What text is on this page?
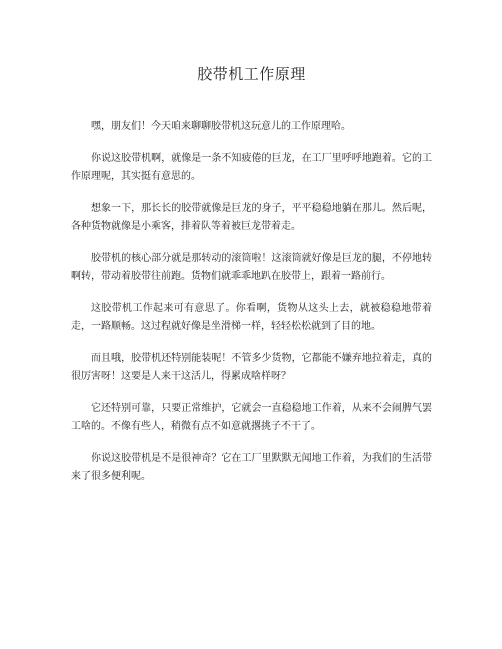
胶带机工作原理

嘿，朋友们！今天咱来聊聊胶带机这玩意儿的工作原理哈。

你说这胶带机啊，就像是一条不知疲倦的巨龙，在工厂里呼呼地跑着。它的工作原理呢，其实挺有意思的。

想象一下，那长长的胶带就像是巨龙的身子，平平稳稳地躺在那儿。然后呢，各种货物就像是小乘客，排着队等着被巨龙带着走。

胶带机的核心部分就是那转动的滚筒啦！这滚筒就好像是巨龙的腿，不停地转啊转，带动着胶带往前跑。货物们就乖乖地趴在胶带上，跟着一路前行。

这胶带机工作起来可有意思了。你看啊，货物从这头上去，就被稳稳地带着走，一路顺畅。这过程就好像是坐滑梯一样，轻轻松松就到了目的地。

而且哦，胶带机还特别能装呢！不管多少货物，它都能不嫌弃地拉着走，真的很厉害呀！这要是人来干这活儿，得累成啥样呀？

它还特别可靠，只要正常维护，它就会一直稳稳地工作着，从来不会闹脾气罢工啥的。不像有些人，稍微有点不如意就撂挑子不干了。

你说这胶带机是不是很神奇？它在工厂里默默无闻地工作着，为我们的生活带来了很多便利呢。
